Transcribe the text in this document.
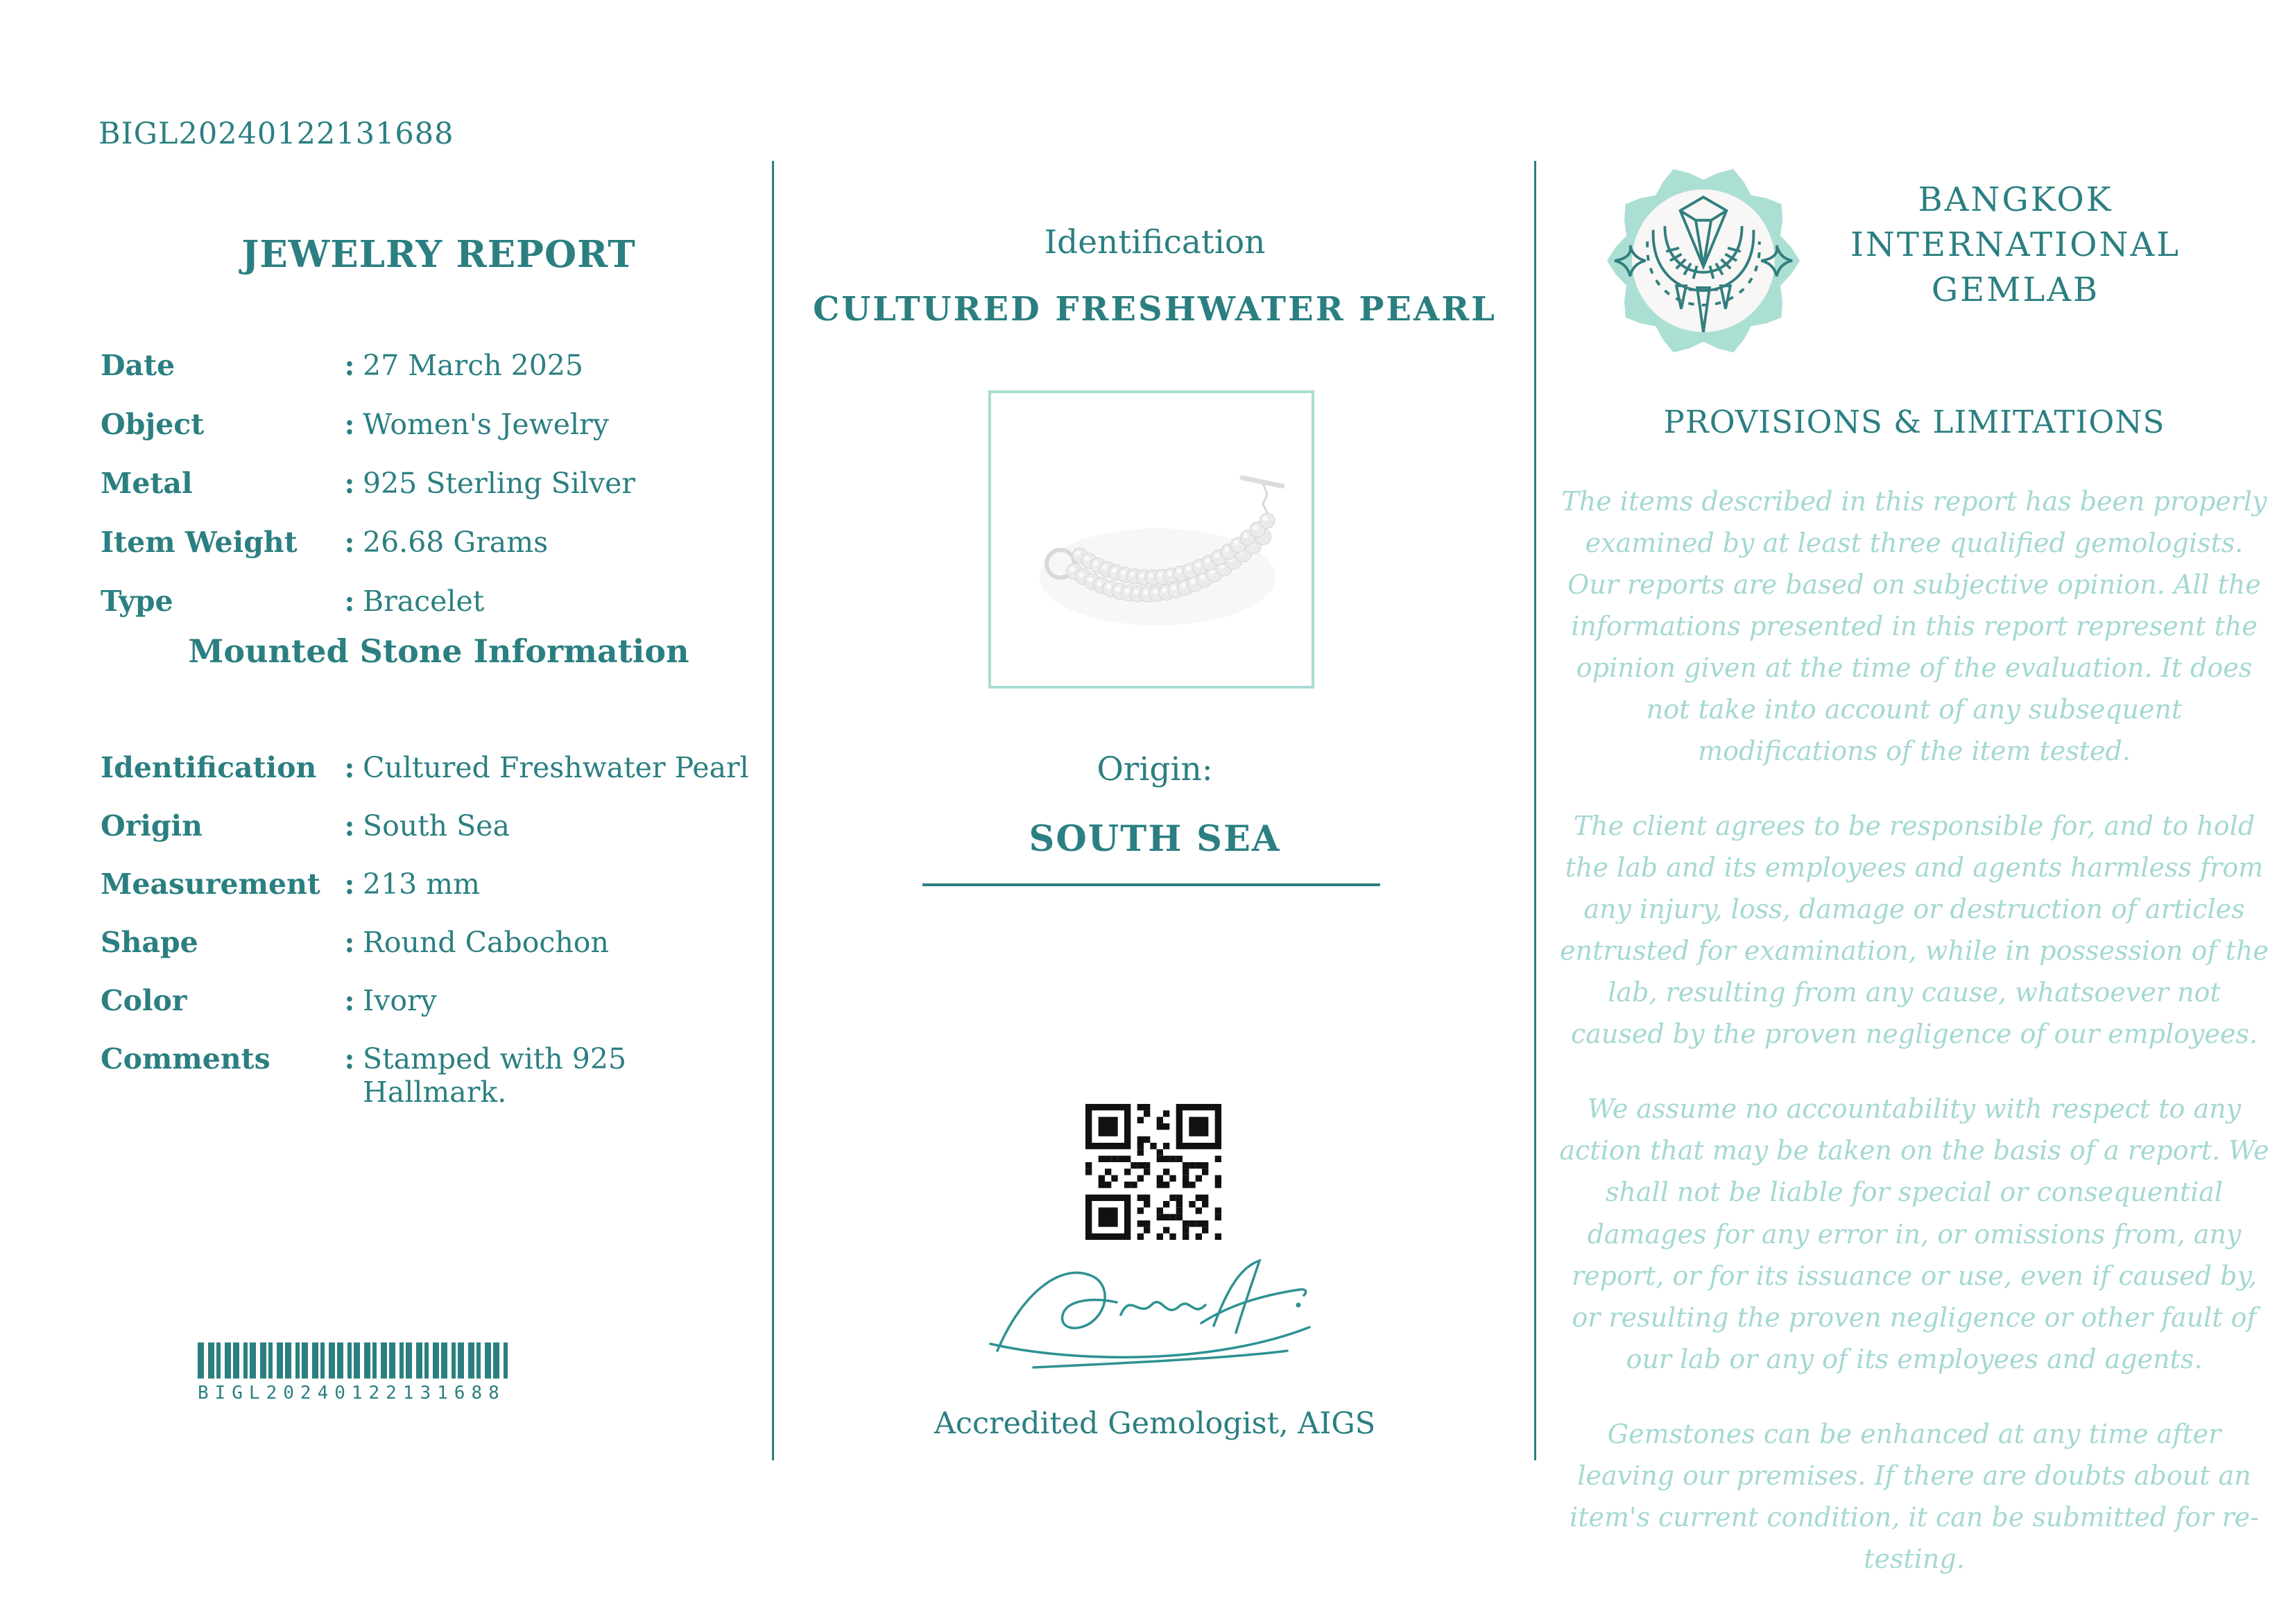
BIGL20240122131688
JEWELRY REPORT
Date	: 27 March 2025
Object	: Women's Jewelry
Metal	: 925 Sterling Silver
Item Weight	: 26.68 Grams
Type	: Bracelet
Mounted Stone Information
Identification : Cultured Freshwater Pearl
Origin	: South Sea
Measurement : 213 mm
Shape	: Round Cabochon
Color	: Ivory
Comments	: Stamped with 925 Hallmark.
BIGL20240122131688
Identification
CULTURED FRESHWATER PEARL
Origin:
SOUTH SEA
Accredited Gemologist, AIGS
BANGKOK
INTERNATIONAL
GEMLAB
PROVISIONS & LIMITATIONS

The items described in this report has been properly examined by at least three qualified gemologists. Our reports are based on subjective opinion. All the informations presented in this report represent the opinion given at the time of the evaluation. It does not take into account of any subsequent modifications of the item tested.

The client agrees to be responsible for, and to hold the lab and its employees and agents harmless from any injury, loss, damage or destruction of articles entrusted for examination, while in possession of the lab, resulting from any cause, whatsoever not caused by the proven negligence of our employees.

We assume no accountability with respect to any action that may be taken on the basis of a report. We shall not be liable for special or consequential damages for any error in, or omissions from, any report, or for its issuance or use, even if caused by, or resulting the proven negligence or other fault of our lab or any of its employees and agents.

Gemstones can be enhanced at any time after leaving our premises. If there are doubts about an item's current condition, it can be submitted for re-testing.
